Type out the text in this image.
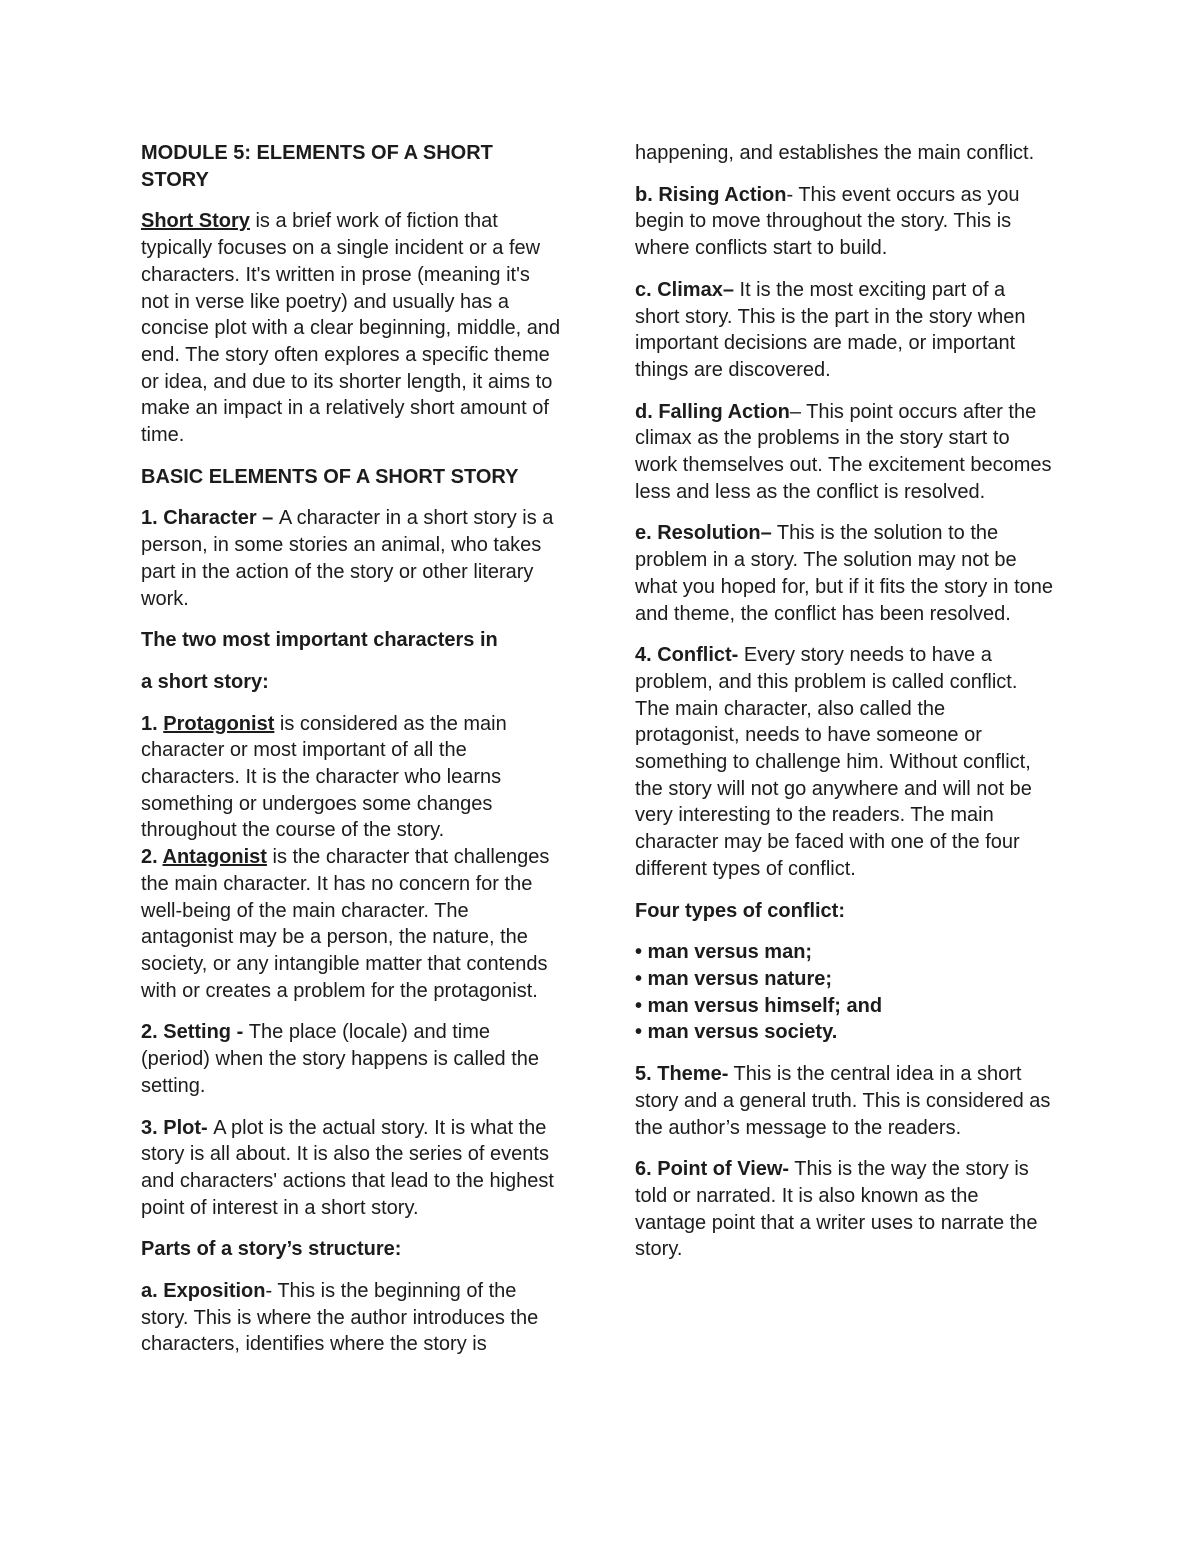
MODULE 5: ELEMENTS OF A SHORT STORY

Short Story is a brief work of fiction that typically focuses on a single incident or a few characters. It's written in prose (meaning it's not in verse like poetry) and usually has a concise plot with a clear beginning, middle, and end. The story often explores a specific theme or idea, and due to its shorter length, it aims to make an impact in a relatively short amount of time.

BASIC ELEMENTS OF A SHORT STORY

1. Character – A character in a short story is a person, in some stories an animal, who takes part in the action of the story or other literary work.

The two most important characters in

a short story:

1. Protagonist is considered as the main character or most important of all the characters. It is the character who learns something or undergoes some changes throughout the course of the story.

2. Antagonist is the character that challenges the main character. It has no concern for the well-being of the main character. The antagonist may be a person, the nature, the society, or any intangible matter that contends with or creates a problem for the protagonist.

2. Setting - The place (locale) and time (period) when the story happens is called the setting.

3. Plot- A plot is the actual story. It is what the story is all about. It is also the series of events and characters' actions that lead to the highest point of interest in a short story.

Parts of a story’s structure:

a. Exposition- This is the beginning of the story. This is where the author introduces the characters, identifies where the story is

happening, and establishes the main conflict.

b. Rising Action- This event occurs as you begin to move throughout the story. This is where conflicts start to build.

c. Climax– It is the most exciting part of a short story. This is the part in the story when important decisions are made, or important things are discovered.

d. Falling Action– This point occurs after the climax as the problems in the story start to work themselves out. The excitement becomes less and less as the conflict is resolved.

e. Resolution– This is the solution to the problem in a story. The solution may not be what you hoped for, but if it fits the story in tone and theme, the conflict has been resolved.

4. Conflict- Every story needs to have a problem, and this problem is called conflict. The main character, also called the protagonist, needs to have someone or something to challenge him. Without conflict, the story will not go anywhere and will not be very interesting to the readers. The main character may be faced with one of the four different types of conflict.

Four types of conflict:

• man versus man;
• man versus nature;
• man versus himself; and
• man versus society.

5. Theme- This is the central idea in a short story and a general truth. This is considered as the author’s message to the readers.

6. Point of View- This is the way the story is told or narrated. It is also known as the vantage point that a writer uses to narrate the story.
